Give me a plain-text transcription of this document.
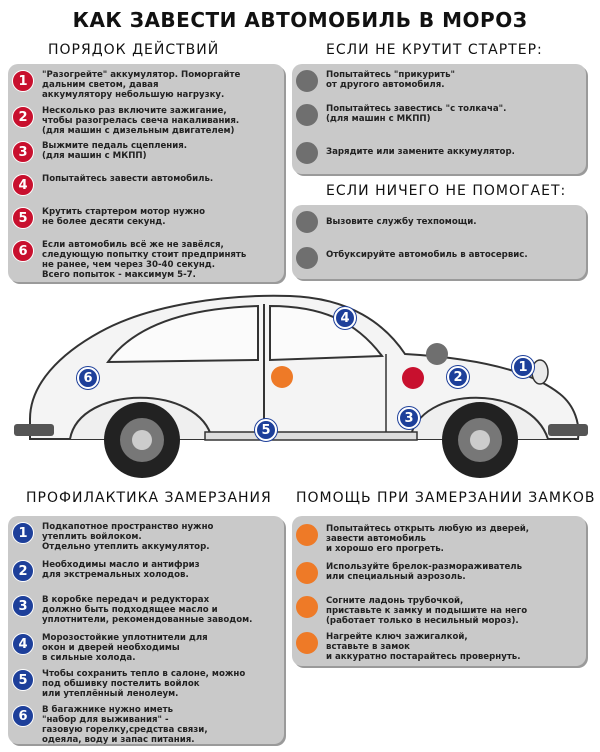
КАК ЗАВЕСТИ АВТОМОБИЛЬ В МОРОЗ
ПОРЯДОК ДЕЙСТВИЙ
1	"Разогрейте" аккумулятор. Поморгайте
дальним светом, давая
аккумулятору небольшую нагрузку.
2	Несколько раз включите зажигание,
чтобы разогрелась свеча накаливания.
(для машин с дизельным двигателем)
3	Выжмите педаль сцепления.
(для машин с МКПП)
4	Попытайтесь завести автомобиль.
5	Крутить стартером мотор нужно
не более десяти секунд.
6	Если автомобиль всё же не завёлся,
следующую попытку стоит предпринять
не ранее, чем через 30-40 секунд.
Всего попыток - максимум 5-7.
ЕСЛИ НЕ КРУТИТ СТАРТЕР:
Попытайтесь "прикурить"
от другого автомобиля.
Попытайтесь завестись "с толкача".
(для машин с МКПП)
Зарядите или замените аккумулятор.
ЕСЛИ НИЧЕГО НЕ ПОМОГАЕТ:
Вызовите службу техпомощи.
Отбуксируйте автомобиль в автосервис.
1
2
3
4
5
6
ПРОФИЛАКТИКА ЗАМЕРЗАНИЯ
1	Подкапотное пространство нужно
утеплить войлоком.
Отдельно утеплить аккумулятор.
2	Необходимы масло и антифриз
для экстремальных холодов.
3	В коробке передач и редукторах
должно быть подходящее масло и
уплотнители, рекомендованные заводом.
4	Морозостойкие уплотнители для
окон и дверей необходимы
в сильные холода.
5	Чтобы сохранить тепло в салоне, можно
под обшивку постелить войлок
или утеплённый ленолеум.
6	В багажнике нужно иметь
"набор для выживания" -
газовую горелку,средства связи,
одеяла, воду и запас питания.
ПОМОЩЬ ПРИ ЗАМЕРЗАНИИ ЗАМКОВ
Попытайтесь открыть любую из дверей,
завести автомобиль
и хорошо его прогреть.
Используйте брелок-размораживатель
или специальный аэрозоль.
Согните ладонь трубочкой,
приставьте к замку и подышите на него
(работает только в несильный мороз).
Нагрейте ключ зажигалкой,
вставьте в замок
и аккуратно постарайтесь провернуть.
